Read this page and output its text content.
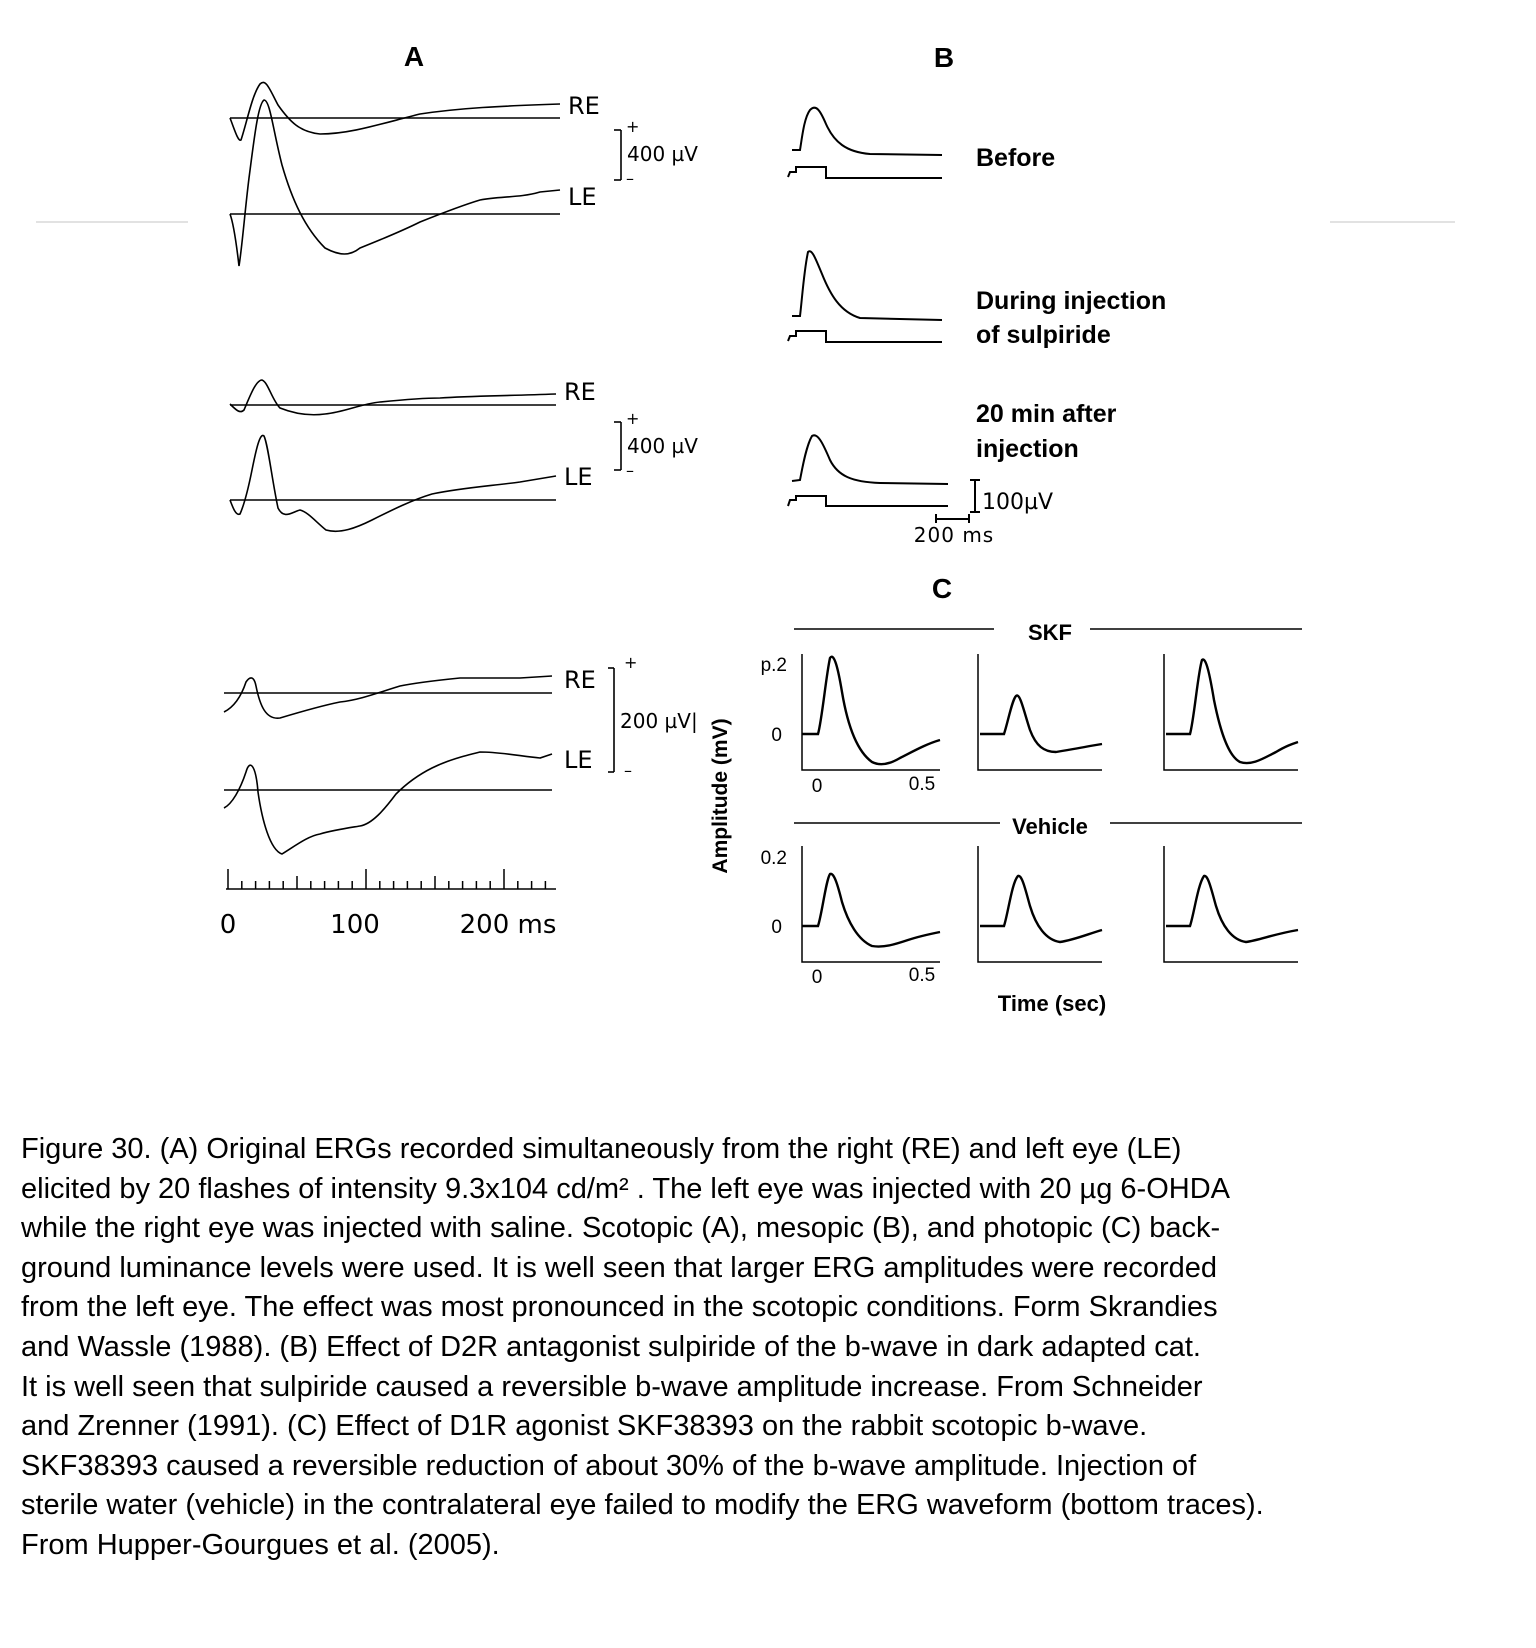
A
RE
LE
+
–
400 µV
RE
LE
+
–
400 µV
RE
LE
+
–
200 µV|
0	100	200 ms
B
Before
During injection
of sulpiride
20 min after
injection
100µV
200 ms
C
SKF
Vehicle
p.2
0
0	0.5
0.2
0
0	0.5
Amplitude (mV)
Time (sec)
Figure 30. (A) Original ERGs recorded simultaneously from the right (RE) and left eye (LE)
elicited by 20 flashes of intensity 9.3x104 cd/m² . The left eye was injected with 20 µg 6-OHDA
while the right eye was injected with saline. Scotopic (A), mesopic (B), and photopic (C) back-
ground luminance levels were used. It is well seen that larger ERG amplitudes were recorded
from the left eye. The effect was most pronounced in the scotopic conditions. Form Skrandies
and Wassle (1988). (B) Effect of D2R antagonist sulpiride of the b-wave in dark adapted cat.
It is well seen that sulpiride caused a reversible b-wave amplitude increase. From Schneider
and Zrenner (1991). (C) Effect of D1R agonist SKF38393 on the rabbit scotopic b-wave.
SKF38393 caused a reversible reduction of about 30% of the b-wave amplitude. Injection of
sterile water (vehicle) in the contralateral eye failed to modify the ERG waveform (bottom traces).
From Hupper-Gourgues et al. (2005).
